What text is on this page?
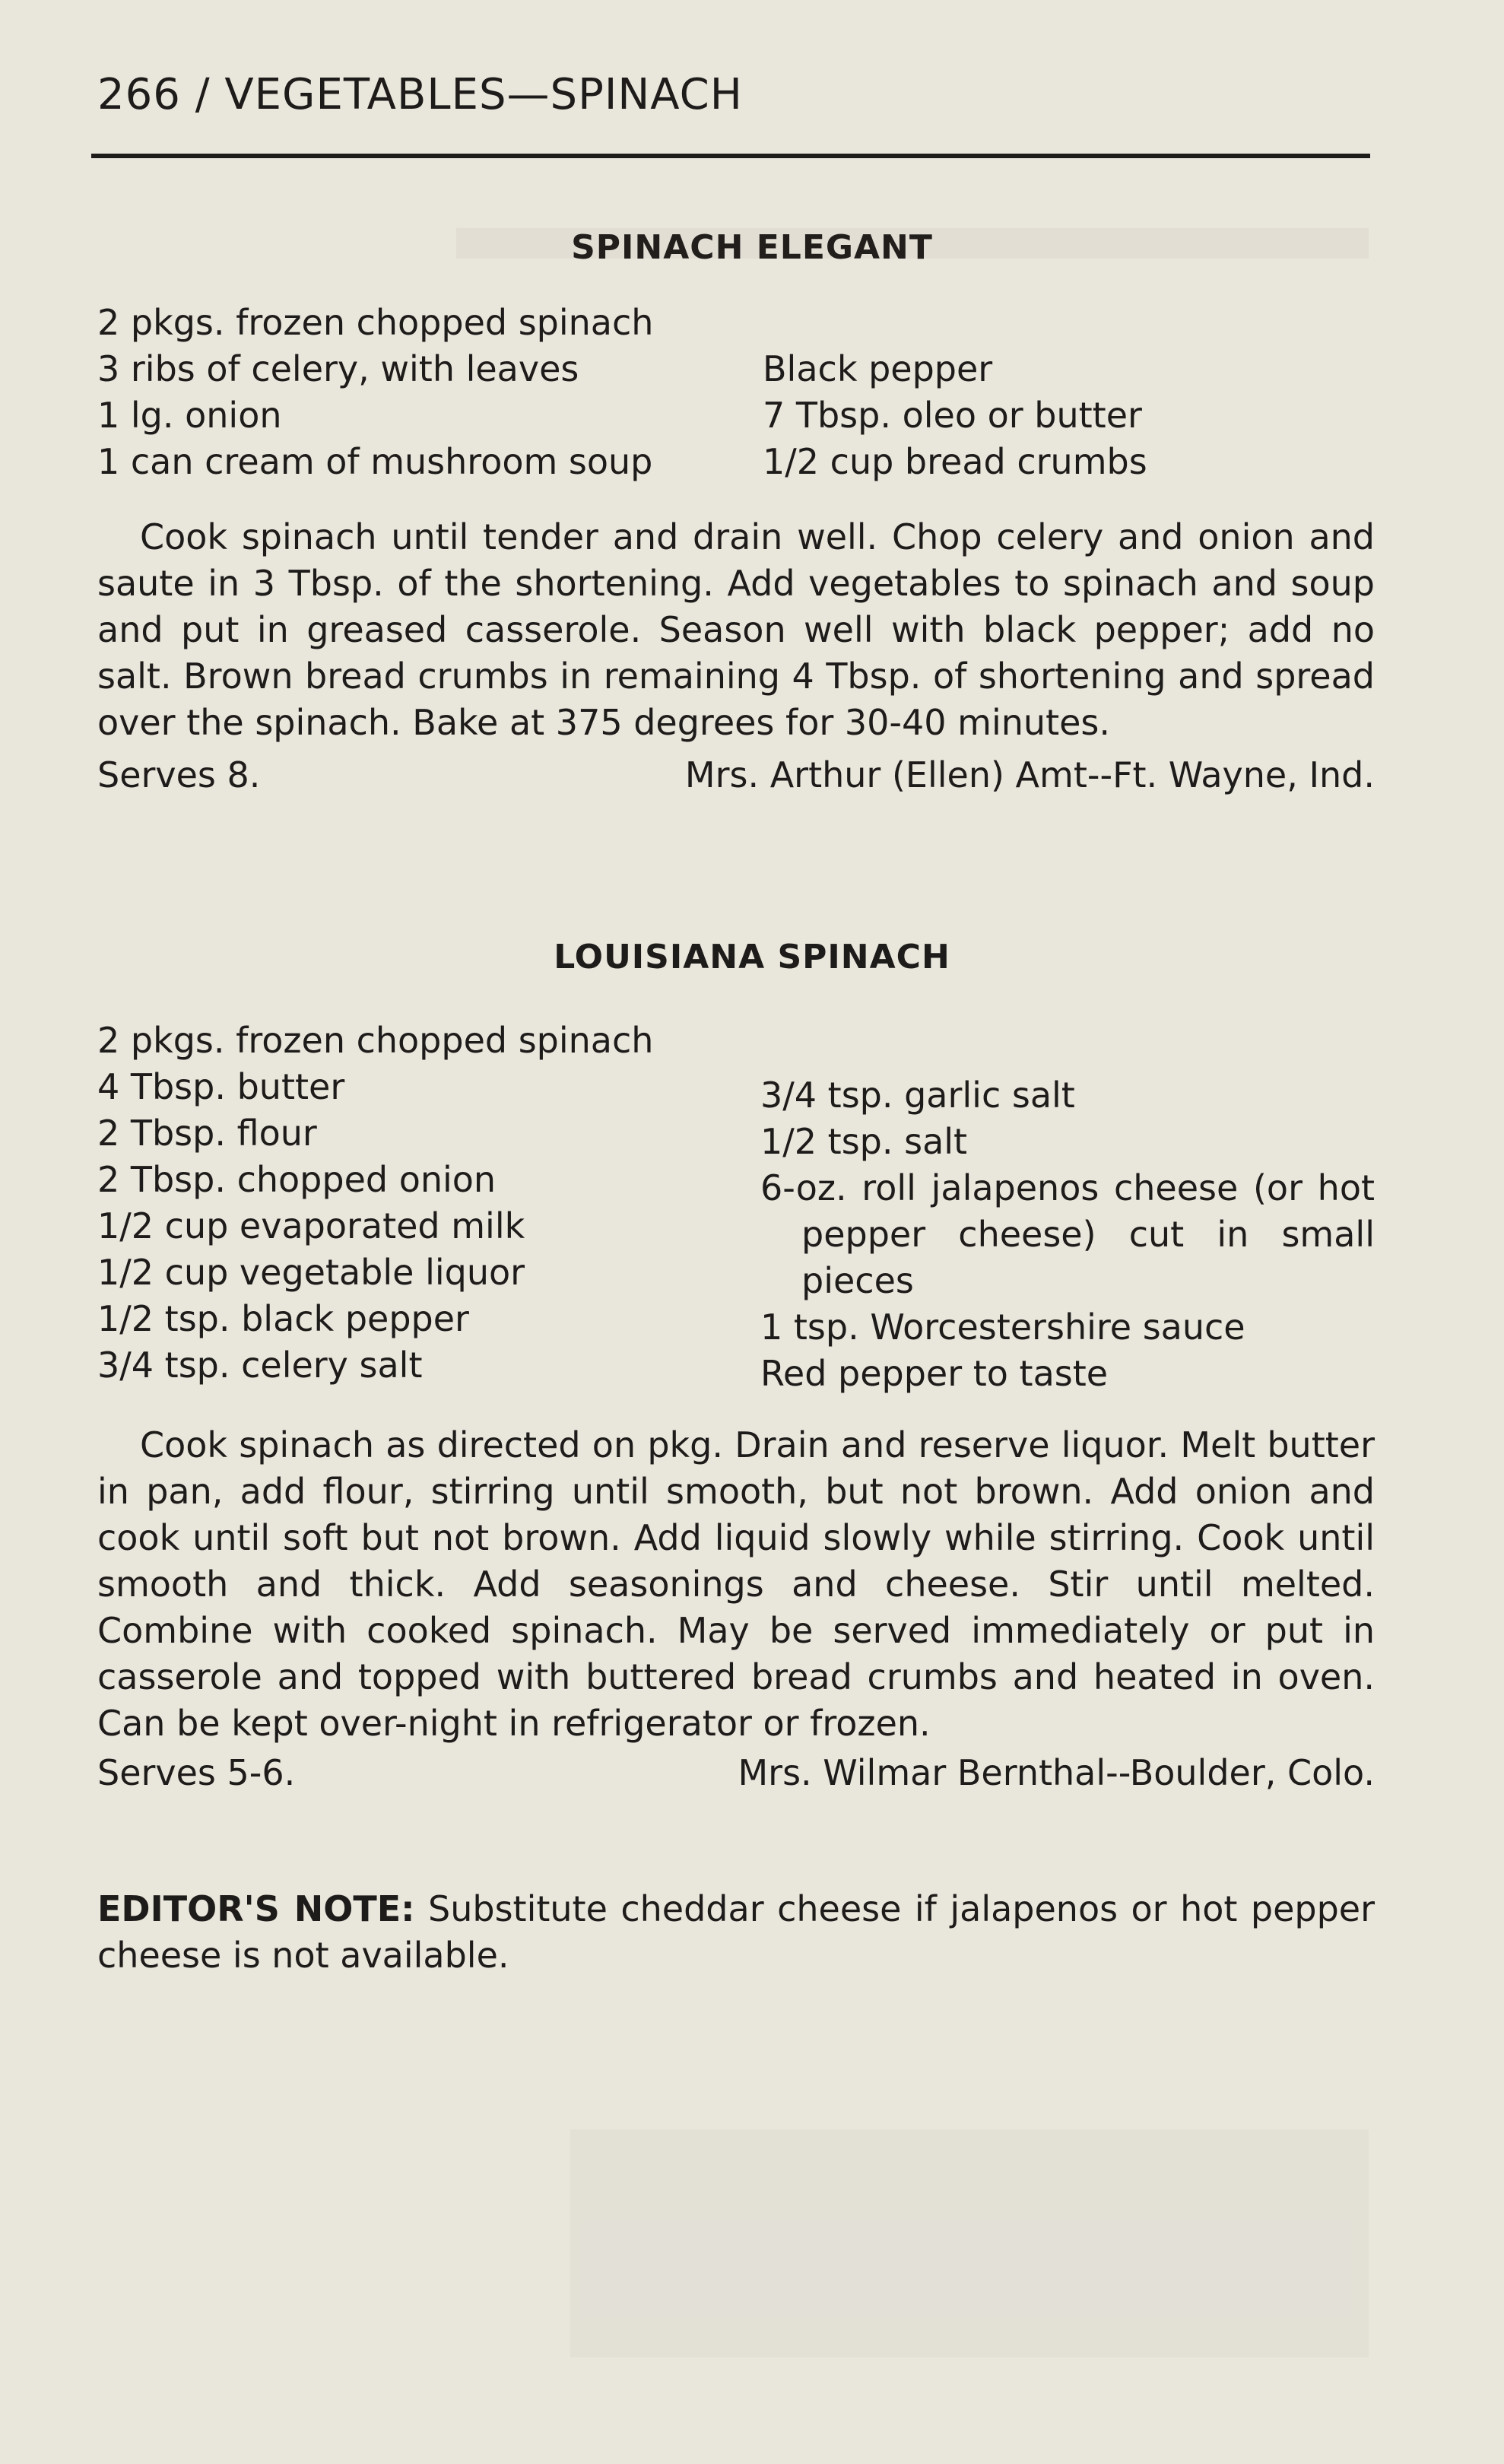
266 / VEGETABLES—SPINACH
SPINACH ELEGANT
2 pkgs. frozen chopped spinach
3 ribs of celery, with leaves
1 lg. onion
1 can cream of mushroom soup
Black pepper
7 Tbsp. oleo or butter
1/2 cup bread crumbs
Cook spinach until tender and drain well. Chop celery and onion and saute in 3 Tbsp. of the shortening. Add vegetables to spinach and soup and put in greased casserole. Season well with black pepper; add no salt. Brown bread crumbs in remaining 4 Tbsp. of shortening and spread over the spinach. Bake at 375 degrees for 30-40 minutes.
Serves 8.	Mrs. Arthur (Ellen) Amt--Ft. Wayne, Ind.
LOUISIANA SPINACH
2 pkgs. frozen chopped spinach
4 Tbsp. butter
2 Tbsp. flour
2 Tbsp. chopped onion
1/2 cup evaporated milk
1/2 cup vegetable liquor
1/2 tsp. black pepper
3/4 tsp. celery salt
3/4 tsp. garlic salt
1/2 tsp. salt
6-oz. roll jalapenos cheese (or hot pepper cheese) cut in small pieces
1 tsp. Worcestershire sauce
Red pepper to taste
Cook spinach as directed on pkg. Drain and reserve liquor. Melt butter in pan, add flour, stirring until smooth, but not brown. Add onion and cook until soft but not brown. Add liquid slowly while stirring. Cook until smooth and thick. Add seasonings and cheese. Stir until melted. Combine with cooked spinach. May be served immediately or put in casserole and topped with buttered bread crumbs and heated in oven. Can be kept over-night in refrigerator or frozen.
Serves 5-6.	Mrs. Wilmar Bernthal--Boulder, Colo.
EDITOR'S NOTE: Substitute cheddar cheese if jalapenos or hot pepper cheese is not available.
